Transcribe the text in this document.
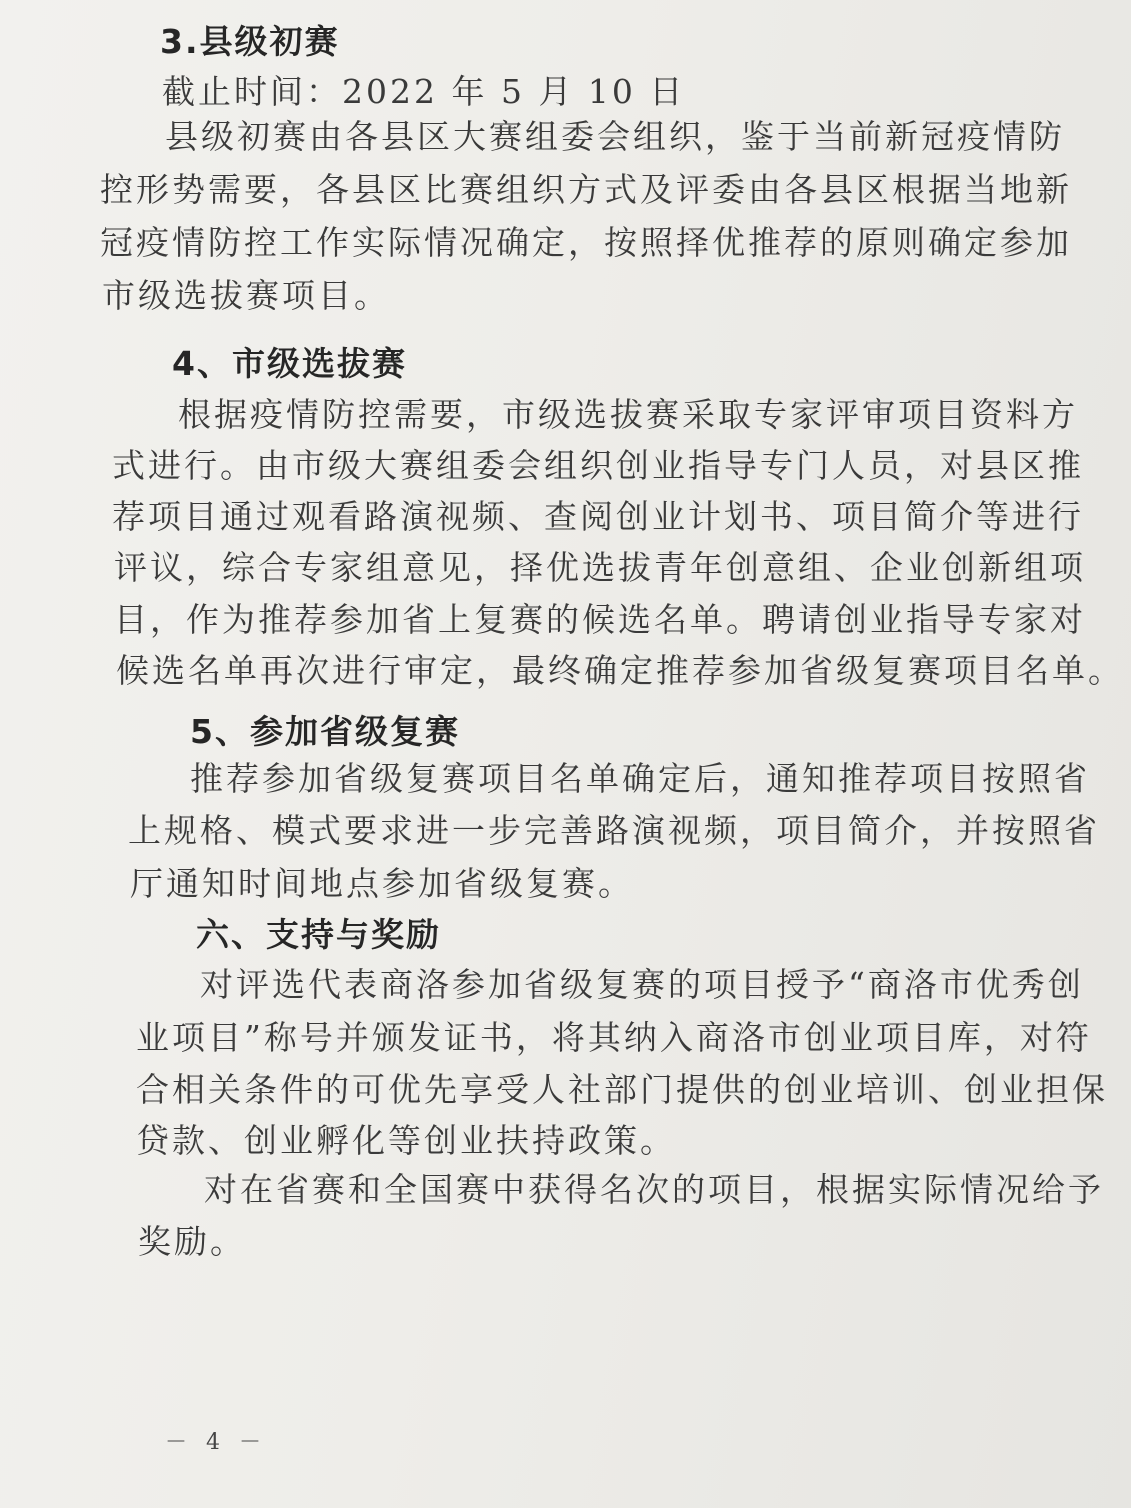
3.县级初赛
截止时间：2022 年 5 月 10 日
县级初赛由各县区大赛组委会组织，鉴于当前新冠疫情防
控形势需要，各县区比赛组织方式及评委由各县区根据当地新
冠疫情防控工作实际情况确定，按照择优推荐的原则确定参加
市级选拔赛项目。
4、市级选拔赛
根据疫情防控需要，市级选拔赛采取专家评审项目资料方
式进行。由市级大赛组委会组织创业指导专门人员，对县区推
荐项目通过观看路演视频、查阅创业计划书、项目简介等进行
评议，综合专家组意见，择优选拔青年创意组、企业创新组项
目，作为推荐参加省上复赛的候选名单。聘请创业指导专家对
候选名单再次进行审定，最终确定推荐参加省级复赛项目名单。
5、参加省级复赛
推荐参加省级复赛项目名单确定后，通知推荐项目按照省
上规格、模式要求进一步完善路演视频，项目简介，并按照省
厅通知时间地点参加省级复赛。
六、支持与奖励
对评选代表商洛参加省级复赛的项目授予“商洛市优秀创
业项目”称号并颁发证书，将其纳入商洛市创业项目库，对符
合相关条件的可优先享受人社部门提供的创业培训、创业担保
贷款、创业孵化等创业扶持政策。
对在省赛和全国赛中获得名次的项目，根据实际情况给予
奖励。
－ 4 －
